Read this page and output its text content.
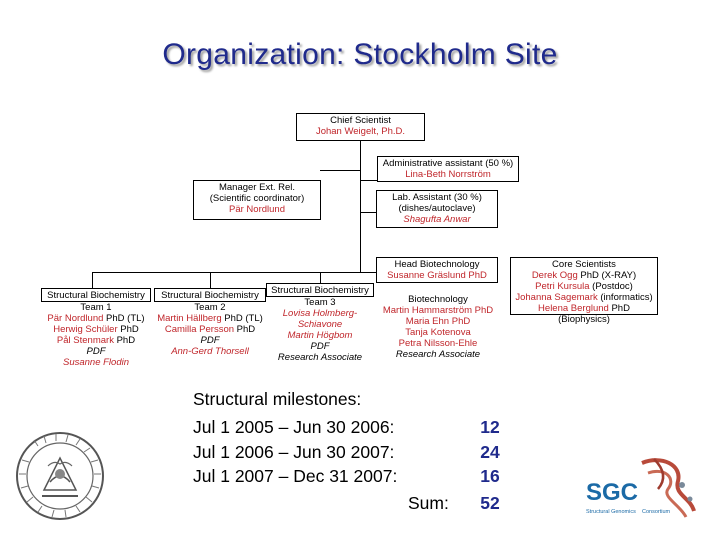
Organization: Stockholm Site
Chief Scientist
Johan Weigelt, Ph.D.
Administrative assistant (50 %)
Lina-Beth Norrström
Manager Ext. Rel.
(Scientific coordinator)
Pär Nordlund
Lab. Assistant (30 %)
(dishes/autoclave)
Shagufta Anwar
Head Biotechnology
Susanne Gräslund PhD
Core Scientists
Derek Ogg PhD (X-RAY)
Petri Kursula (Postdoc)
Johanna Sagemark (informatics)
Helena Berglund PhD (Biophysics)
Structural Biochemistry
Team 1
Pär Nordlund PhD (TL)
Herwig Schüler PhD
Pål Stenmark PhD
PDF
Susanne Flodin
Structural Biochemistry
Team 2
Martin Hällberg PhD (TL)
Camilla Persson PhD
PDF
Ann-Gerd Thorsell
Structural Biochemistry
Team 3
Lovisa Holmberg-
Schiavone
Martin Högbom
PDF
Research Associate
Biotechnology
Martin Hammarström PhD
Maria Ehn PhD
Tanja Kotenova
Petra Nilsson-Ehle
Research Associate
Structural milestones:
Jul 1 2005 – Jun 30 2006:	12
Jul 1 2006 – Jun 30 2007:	24
Jul 1 2007 – Dec 31 2007:	16
Sum:	52	SGC
Structural Genomics Consortium
